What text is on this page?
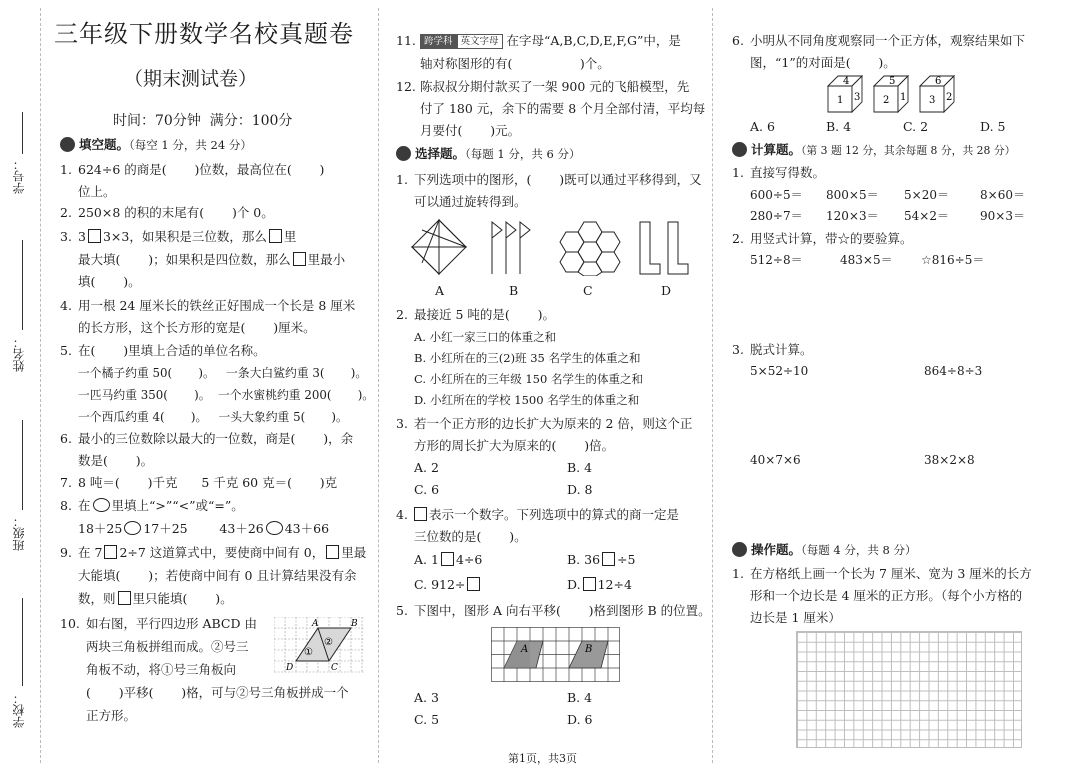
学号：
姓名：
班级：
学校：
三年级下册数学名校真题卷
（期末测试卷）
时间：70分钟  满分：100分
填空题。（每空 1 分，共 24 分）
1. 624÷6 的商是(       )位数，最高位在(       )
位上。
2. 250×8 的积的末尾有(       )个 0。
3. 3 3×3，如果积是三位数，那么 里
最大填(       )；如果积是四位数，那么 里最小
填(       )。
4. 用一根 24 厘米长的铁丝正好围成一个长是 8 厘米
的长方形，这个长方形的宽是(       )厘米。
5. 在(       )里填上合适的单位名称。
一个橘子约重 50(       )。   一条大白鲨约重 3(       )。
一匹马约重 350(       )。  一个水蜜桃约重 200(       )。
一个西瓜约重 4(       )。   一头大象约重 5(       )。
6. 最小的三位数除以最大的一位数，商是(       )，余
数是(       )。
7. 8 吨＝(       )千克      5 千克 60 克＝(       )克
8. 在 里填上“>”“<”或“=”。
18＋25 17＋25	43＋26 43＋66
9. 在 7 2÷7 这道算式中，要使商中间有 0， 里最
大能填(       )；若使商中间有 0 且计算结果没有余
数，则 里只能填(       )。
10. 如右图，平行四边形 ABCD 由
两块三角板拼组而成。②号三
角板不动，将①号三角板向
(       )平移(       )格，可与②号三角板拼成一个
正方形。
A	B
C
D
①
②
11. 跨学科 英文字母 在字母“A,B,C,D,E,F,G”中，是
轴对称图形的有(                 )个。
12. 陈叔叔分期付款买了一架 900 元的飞船模型，先
付了 180 元，余下的需要 8 个月全部付清，平均每
月要付(       )元。
选择题。（每题 1 分，共 6 分）
1. 下列选项中的图形，(       )既可以通过平移得到，又
可以通过旋转得到。
A	B	C	D
2. 最接近 5 吨的是(       )。
A. 小红一家三口的体重之和
B. 小红所在的三(2)班 35 名学生的体重之和
C. 小红所在的三年级 150 名学生的体重之和
D. 小红所在的学校 1500 名学生的体重之和
3. 若一个正方形的边长扩大为原来的 2 倍，则这个正
方形的周长扩大为原来的(       )倍。
A. 2	B. 4
C. 6	D. 8
4.	表示一个数字。下列选项中的算式的商一定是
三位数的是(       )。
A. 1 4÷6	B. 36 ÷5
C. 912÷	D. 12÷4
5. 下图中，图形 A 向右平移(       )格到图形 B 的位置。
A	B
A. 3	B. 4
C. 5	D. 6
6. 小明从不同角度观察同一个正方体，观察结果如下
图，“1”的对面是(       )。
4
1 3
5
2 1
6
3 2
A. 6	B. 4	C. 2	D. 5
计算题。（第 3 题 12 分，其余每题 8 分，共 28 分）
1. 直接写得数。
600÷5＝ 800×5＝ 5×20＝	8×60＝
280÷7＝ 120×3＝ 54×2＝	90×3＝
2. 用竖式计算，带☆的要验算。
512÷8＝	483×5＝ ☆816÷5＝
3. 脱式计算。
5×52÷10	864÷8÷3
40×7×6	38×2×8
操作题。（每题 4 分，共 8 分）
1. 在方格纸上画一个长为 7 厘米、宽为 3 厘米的长方
形和一个边长是 4 厘米的正方形。（每个小方格的
边长是 1 厘米）
第1页，共3页
